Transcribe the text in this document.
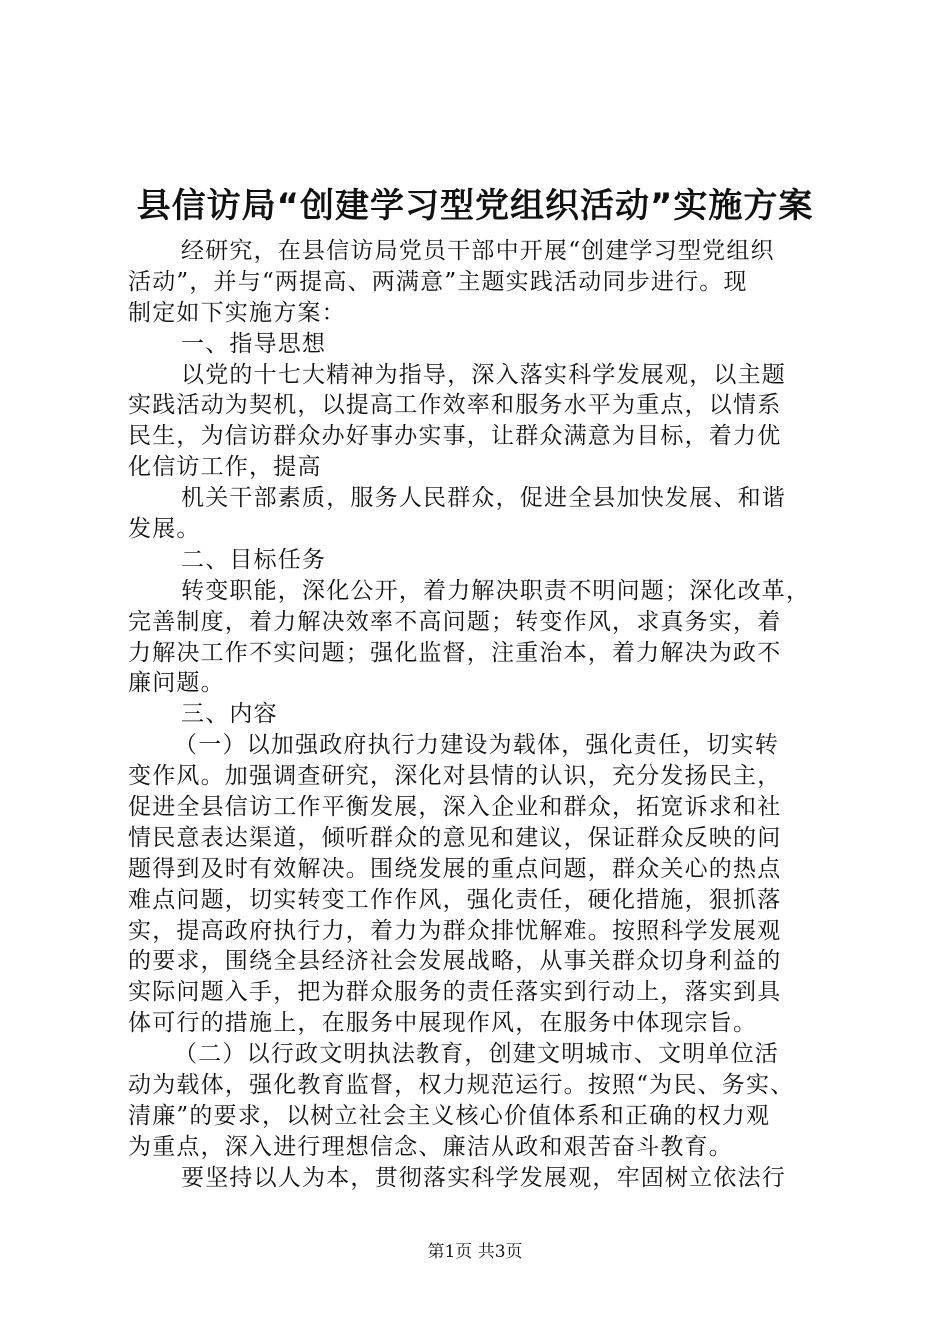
县信访局“创建学习型党组织活动”实施方案
经研究，在县信访局党员干部中开展“创建学习型党组织
活动”，并与“两提高、两满意”主题实践活动同步进行。现
制定如下实施方案：
一、指导思想
以党的十七大精神为指导，深入落实科学发展观，以主题
实践活动为契机，以提高工作效率和服务水平为重点，以情系
民生，为信访群众办好事办实事，让群众满意为目标，着力优
化信访工作，提高
机关干部素质，服务人民群众，促进全县加快发展、和谐
发展。
二、目标任务
转变职能，深化公开，着力解决职责不明问题；深化改革，
完善制度，着力解决效率不高问题；转变作风，求真务实，着
力解决工作不实问题；强化监督，注重治本，着力解决为政不
廉问题。
三、内容
（一）以加强政府执行力建设为载体，强化责任，切实转
变作风。加强调查研究，深化对县情的认识，充分发扬民主，
促进全县信访工作平衡发展，深入企业和群众，拓宽诉求和社
情民意表达渠道，倾听群众的意见和建议，保证群众反映的问
题得到及时有效解决。围绕发展的重点问题，群众关心的热点
难点问题，切实转变工作作风，强化责任，硬化措施，狠抓落
实，提高政府执行力，着力为群众排忧解难。按照科学发展观
的要求，围绕全县经济社会发展战略，从事关群众切身利益的
实际问题入手，把为群众服务的责任落实到行动上，落实到具
体可行的措施上，在服务中展现作风，在服务中体现宗旨。
（二）以行政文明执法教育，创建文明城市、文明单位活
动为载体，强化教育监督，权力规范运行。按照“为民、务实、
清廉”的要求，以树立社会主义核心价值体系和正确的权力观
为重点，深入进行理想信念、廉洁从政和艰苦奋斗教育。
要坚持以人为本，贯彻落实科学发展观，牢固树立依法行
第1页 共3页
